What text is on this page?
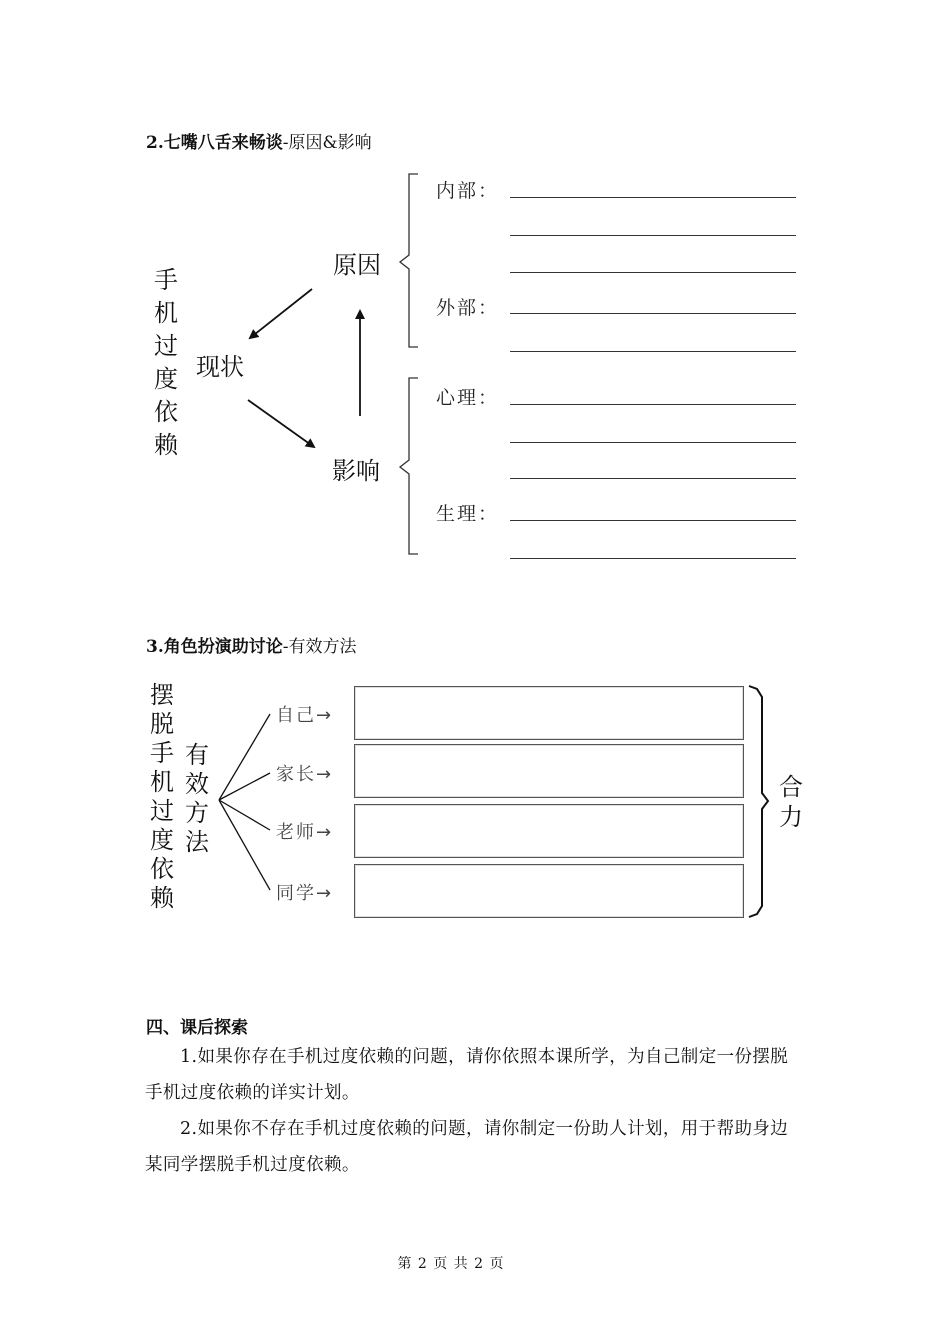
2.七嘴八舌来畅谈-原因&影响
手机过度依赖
现状
原因
影响
内部：
外部：
心理：
生理：
3.角色扮演助讨论-有效方法
摆脱手机过度依赖
有效方法
自己→
家长→
老师→
同学→
合力
四、课后探索

1.如果你存在手机过度依赖的问题，请你依照本课所学，为自己制定一份摆脱手机过度依赖的详实计划。

2.如果你不存在手机过度依赖的问题，请你制定一份助人计划，用于帮助身边某同学摆脱手机过度依赖。

第 2 页 共 2 页
